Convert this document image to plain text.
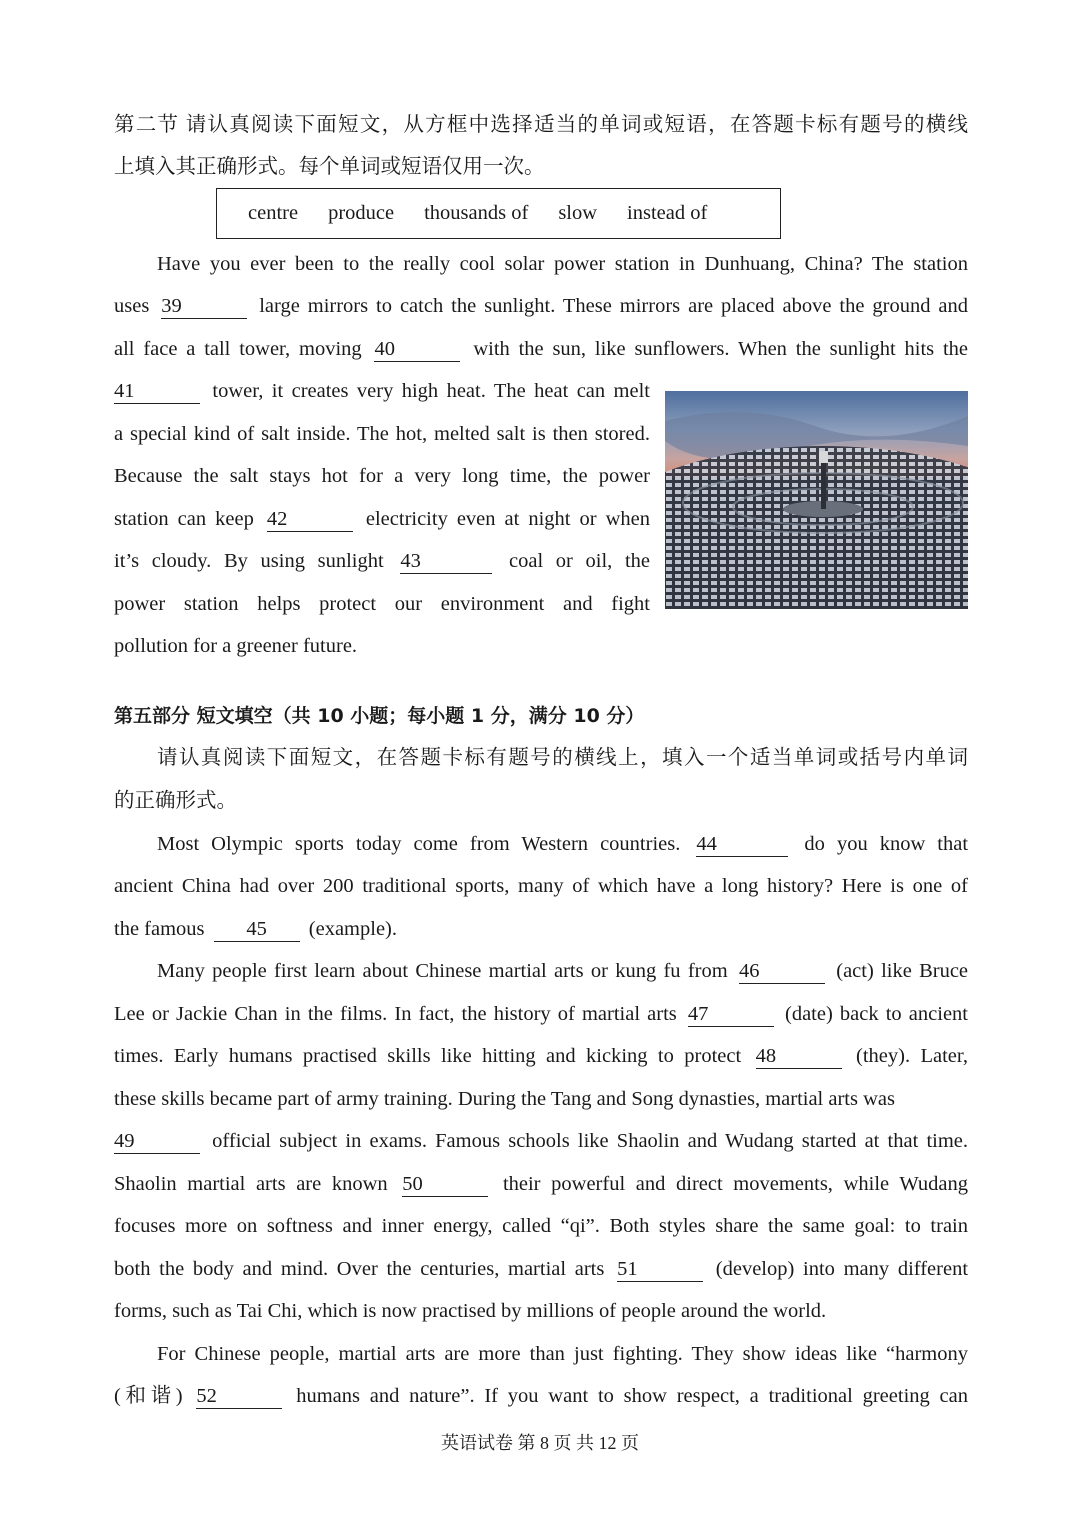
第二节 请认真阅读下面短文，从方框中选择适当的单词或短语，在答题卡标有题号的横线
上填入其正确形式。每个单词或短语仅用一次。
centre produce thousands of slow instead of
Have you ever been to the really cool solar power station in Dunhuang, China? The station
uses 39	large mirrors to catch the sunlight. These mirrors are placed above the ground and
all face a tall tower, moving 40	with the sun, like sunflowers. When the sunlight hits the
41	tower, it creates very high heat. The heat can melt
a special kind of salt inside. The hot, melted salt is then stored.
Because the salt stays hot for a very long time, the power
station can keep 42	electricity even at night or when
it’s cloudy. By using sunlight 43	coal or oil, the
power station helps protect our environment and fight
pollution for a greener future.
第五部分 短文填空（共 10 小题；每小题 1 分，满分 10 分）
请认真阅读下面短文，在答题卡标有题号的横线上，填入一个适当单词或括号内单词
的正确形式。
Most Olympic sports today come from Western countries. 44	do you know that
ancient China had over 200 traditional sports, many of which have a long history? Here is one of
the famous 45 (example).
Many people first learn about Chinese martial arts or kung fu from 46	(act) like Bruce
Lee or Jackie Chan in the films. In fact, the history of martial arts 47	(date) back to ancient
times. Early humans practised skills like hitting and kicking to protect 48	(they). Later,
these skills became part of army training. During the Tang and Song dynasties, martial arts was
49	official subject in exams. Famous schools like Shaolin and Wudang started at that time.
Shaolin martial arts are known 50	their powerful and direct movements, while Wudang
focuses more on softness and inner energy, called “qi”. Both styles share the same goal: to train
both the body and mind. Over the centuries, martial arts 51	(develop) into many different
forms, such as Tai Chi, which is now practised by millions of people around the world.
For Chinese people, martial arts are more than just fighting. They show ideas like “harmony
(和谐) 52	humans and nature”. If you want to show respect, a traditional greeting can
英语试卷 第 8 页 共 12 页
